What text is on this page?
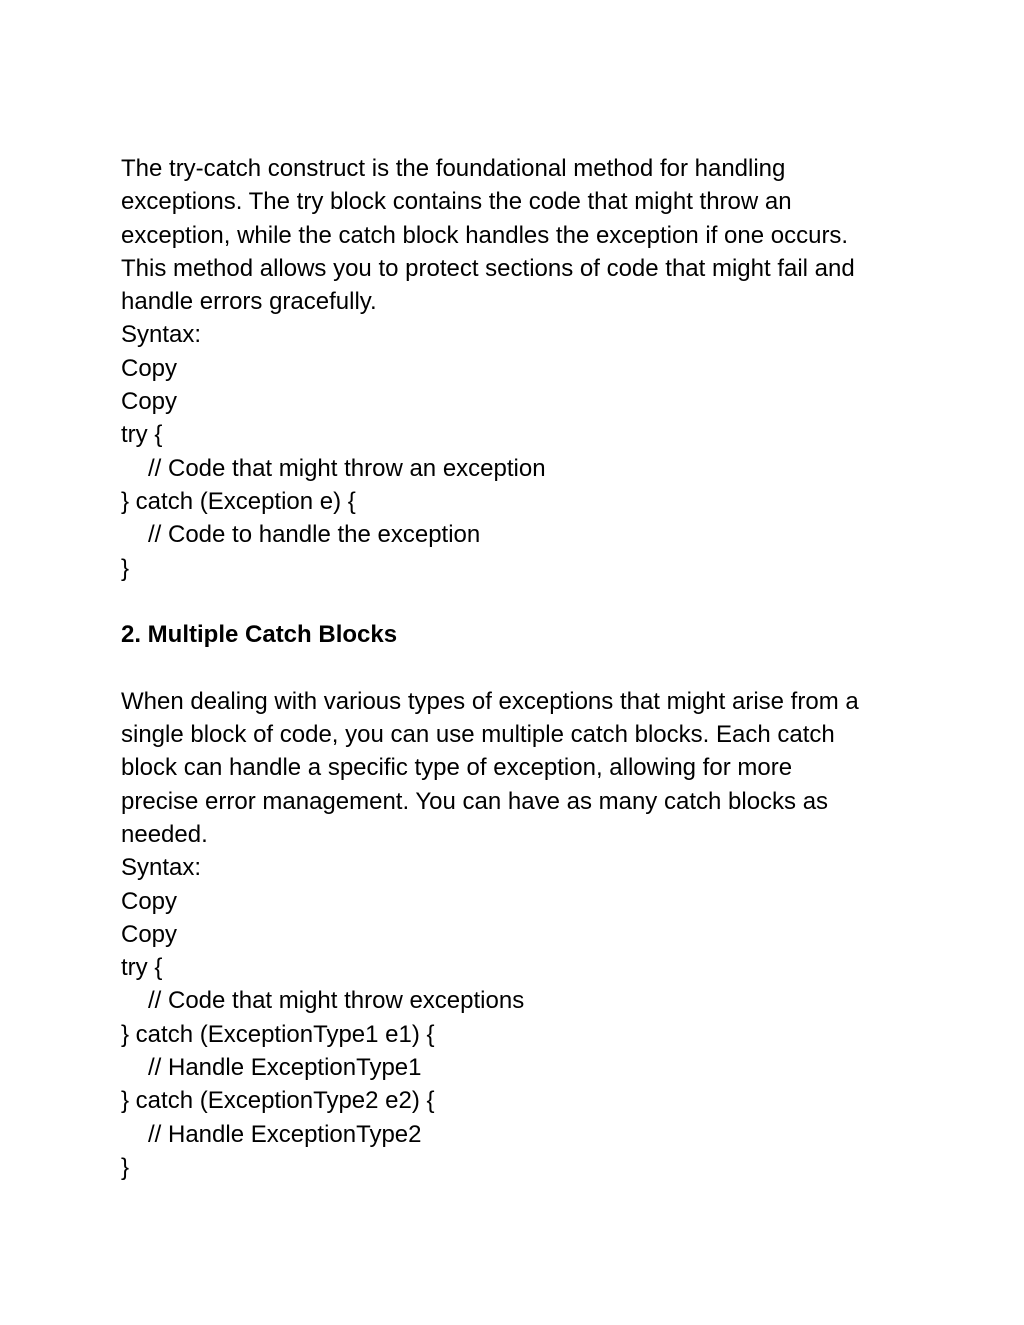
The try-catch construct is the foundational method for handling
exceptions. The try block contains the code that might throw an
exception, while the catch block handles the exception if one occurs.
This method allows you to protect sections of code that might fail and
handle errors gracefully.
Syntax:
Copy
Copy
try {
// Code that might throw an exception
} catch (Exception e) {
// Code to handle the exception
}
2. Multiple Catch Blocks
When dealing with various types of exceptions that might arise from a
single block of code, you can use multiple catch blocks. Each catch
block can handle a specific type of exception, allowing for more
precise error management. You can have as many catch blocks as
needed.
Syntax:
Copy
Copy
try {
// Code that might throw exceptions
} catch (ExceptionType1 e1) {
// Handle ExceptionType1
} catch (ExceptionType2 e2) {
// Handle ExceptionType2
}
